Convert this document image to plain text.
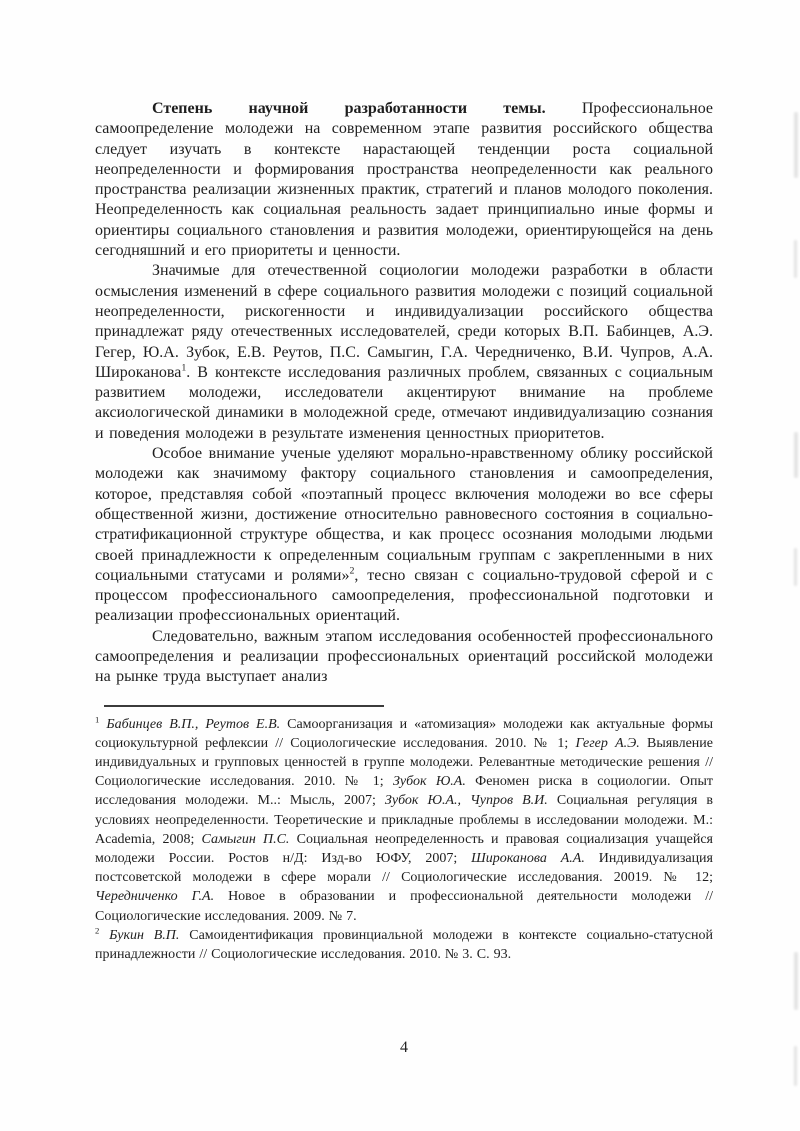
Степень научной разработанности темы. Профессиональное самоопределение молодежи на современном этапе развития российского общества следует изучать в контексте нарастающей тенденции роста социальной неопределенности и формирования пространства неопределенности как реального пространства реализации жизненных практик, стратегий и планов молодого поколения. Неопределенность как социальная реальность задает принципиально иные формы и ориентиры социального становления и развития молодежи, ориентирующейся на день сегодняшний и его приоритеты и ценности.

Значимые для отечественной социологии молодежи разработки в области осмысления изменений в сфере социального развития молодежи с позиций социальной неопределенности, рискогенности и индивидуализации российского общества принадлежат ряду отечественных исследователей, среди которых В.П. Бабинцев, А.Э. Гегер, Ю.А. Зубок, Е.В. Реутов, П.С. Самыгин, Г.А. Чередниченко, В.И. Чупров, А.А. Широканова$^1$. В контексте исследования различных проблем, связанных с социальным развитием молодежи, исследователи акцентируют внимание на проблеме аксиологической динамики в молодежной среде, отмечают индивидуализацию сознания и поведения молодежи в результате изменения ценностных приоритетов.

Особое внимание ученые уделяют морально-нравственному облику российской молодежи как значимому фактору социального становления и самоопределения, которое, представляя собой «поэтапный процесс включения молодежи во все сферы общественной жизни, достижение относительно равновесного состояния в социально-стратификационной структуре общества, и как процесс осознания молодыми людьми своей принадлежности к определенным социальным группам с закрепленными в них социальными статусами и ролями»$^2$, тесно связан с социально-трудовой сферой и с процессом профессионального самоопределения, профессиональной подготовки и реализации профессиональных ориентаций.

Следовательно, важным этапом исследования особенностей профессионального самоопределения и реализации профессиональных ориентаций российской молодежи на рынке труда выступает анализ

$^1$ Бабинцев В.П., Реутов Е.В. Самоорганизация и «атомизация» молодежи как актуальные формы социокультурной рефлексии // Социологические исследования. 2010. № 1; Гегер А.Э. Выявление индивидуальных и групповых ценностей в группе молодежи. Релевантные методические решения // Социологические исследования. 2010. № 1; Зубок Ю.А. Феномен риска в социологии. Опыт исследования молодежи. М..: Мысль, 2007; Зубок Ю.А., Чупров В.И. Социальная регуляция в условиях неопределенности. Теоретические и прикладные проблемы в исследовании молодежи. М.: Academia, 2008; Самыгин П.С. Социальная неопределенность и правовая социализация учащейся молодежи России. Ростов н/Д: Изд-во ЮФУ, 2007; Широканова А.А. Индивидуализация постсоветской молодежи в сфере морали // Социологические исследования. 20019. № 12; Чередниченко Г.А. Новое в образовании и профессиональной деятельности молодежи // Социологические исследования. 2009. № 7.

$^2$ Букин В.П. Самоидентификация провинциальной молодежи в контексте социально-статусной принадлежности // Социологические исследования. 2010. № 3. С. 93.

4
